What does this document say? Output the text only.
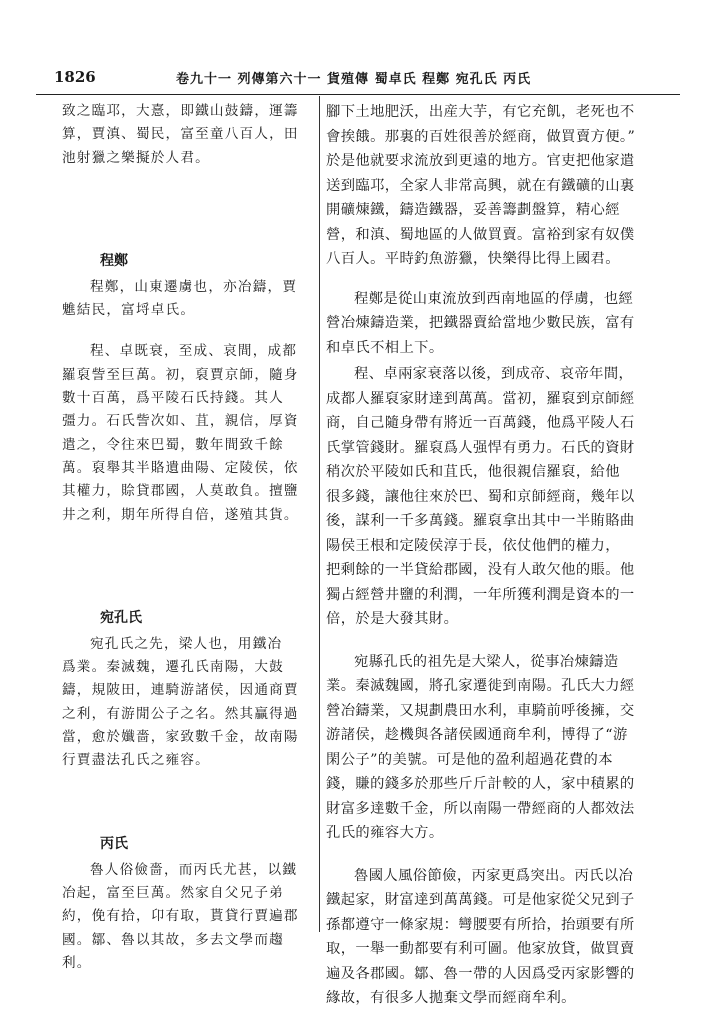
1826	卷九十一 列傳第六十一 貨殖傳 蜀卓氏 程鄭 宛孔氏 丙氏
致之臨邛，大憙，即鐵山鼓鑄，運籌
算，賈滇、蜀民，富至童八百人，田
池射獵之樂擬於人君。
程鄭
程鄭，山東遷虜也，亦冶鑄，賈
魋結民，富埒卓氏。
程、卓既衰，至成、哀間，成都
羅裒訾至巨萬。初，裒賈京師，隨身
數十百萬，爲平陵石氏持錢。其人
彊力。石氏訾次如、苴，親信，厚資
遣之，令往來巴蜀，數年間致千餘
萬。裒舉其半賂遺曲陽、定陵侯，依
其權力，賒貸郡國，人莫敢負。擅鹽
井之利，期年所得自倍，遂殖其貨。
宛孔氏
宛孔氏之先，梁人也，用鐵冶
爲業。秦滅魏，遷孔氏南陽，大鼓
鑄，規陂田，連騎游諸侯，因通商賈
之利，有游閒公子之名。然其贏得過
當，愈於孅嗇，家致數千金，故南陽
行賈盡法孔氏之雍容。
丙氏
魯人俗儉嗇，而丙氏尤甚，以鐵
冶起，富至巨萬。然家自父兄子弟
約，俛有拾，卬有取，貰貸行賈遍郡
國。鄒、魯以其故，多去文學而趨
利。
腳下土地肥沃，出産大芋，有它充飢，老死也不
會挨餓。那裏的百姓很善於經商，做買賣方便。”
於是他就要求流放到更遠的地方。官吏把他家遣
送到臨邛，全家人非常高興，就在有鐵礦的山裏
開礦煉鐵，鑄造鐵器，妥善籌劃盤算，精心經
營，和滇、蜀地區的人做買賣。富裕到家有奴僕
八百人。平時釣魚游獵，快樂得比得上國君。
程鄭是從山東流放到西南地區的俘虜，也經
營冶煉鑄造業，把鐵器賣給當地少數民族，富有
和卓氏不相上下。
程、卓兩家衰落以後，到成帝、哀帝年間，
成都人羅裒家財達到萬萬。當初，羅裒到京師經
商，自己隨身帶有將近一百萬錢，他爲平陵人石
氏掌管錢財。羅裒爲人强悍有勇力。石氏的資財
稍次於平陵如氏和苴氏，他很親信羅裒，給他
很多錢，讓他往來於巴、蜀和京師經商，幾年以
後，謀利一千多萬錢。羅裒拿出其中一半賄賂曲
陽侯王根和定陵侯淳于長，依仗他們的權力，
把剩餘的一半貸給郡國，没有人敢欠他的賬。他
獨占經營井鹽的利潤，一年所獲利潤是資本的一
倍，於是大發其財。
宛縣孔氏的祖先是大梁人，從事冶煉鑄造
業。秦滅魏國，將孔家遷徙到南陽。孔氏大力經
營冶鑄業，又規劃農田水利，車騎前呼後擁，交
游諸侯，趁機與各諸侯國通商牟利，博得了“游
閑公子”的美號。可是他的盈利超過花費的本
錢，賺的錢多於那些斤斤計較的人，家中積累的
財富多達數千金，所以南陽一帶經商的人都效法
孔氏的雍容大方。
魯國人風俗節儉，丙家更爲突出。丙氏以冶
鐵起家，財富達到萬萬錢。可是他家從父兄到子
孫都遵守一條家規：彎腰要有所拾，抬頭要有所
取，一舉一動都要有利可圖。他家放貸，做買賣
遍及各郡國。鄒、魯一帶的人因爲受丙家影響的
緣故，有很多人拋棄文學而經商牟利。
